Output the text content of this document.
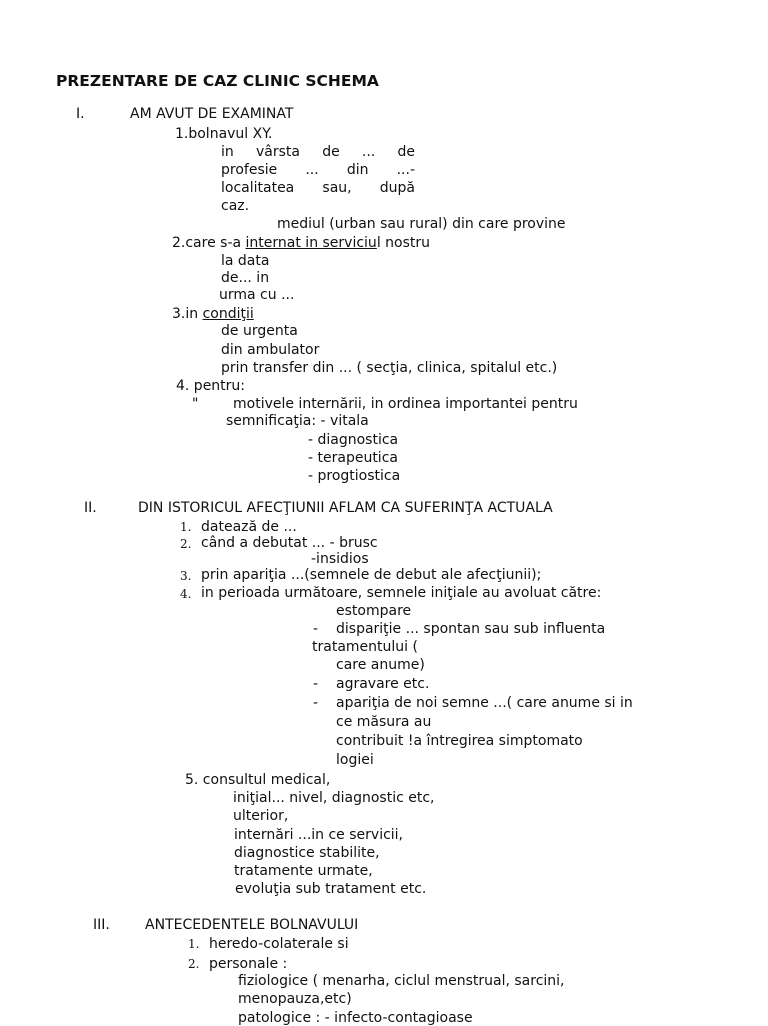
PREZENTARE DE CAZ CLINIC SCHEMA
I.	AM AVUT DE EXAMINAT
1.bolnavul XY.
in vârsta de ... de
profesie ... din ...-
localitatea sau, după
caz.
mediul (urban sau rural) din care provine
2.care s-a internat in serviciul nostru
la data
de... in
urma cu ...
3.in condiţii
de urgenta
din ambulator
prin transfer din ... ( secţia, clinica, spitalul etc.)
4. pentru:
" motivele internării, in ordinea importantei pentru
semnificaţia: - vitala
- diagnostica
- terapeutica
- progtiostica
II.	DIN ISTORICUL AFECŢIUNII AFLAM CA SUFERINŢA ACTUALA
1. datează de ...
2. când a debutat ... - brusc
-insidios
3. prin apariţia ...(semnele de debut ale afecţiunii);
4. in perioada următoare, semnele iniţiale au avoluat către:
estompare
- dispariţie ... spontan sau sub influenta
tratamentului (
care anume)
- agravare etc.
- apariţia de noi semne ...( care anume si in
ce măsura au
contribuit !a întregirea simptomato
logiei
5. consultul medical,
iniţial... nivel, diagnostic etc,
ulterior,
internări ...in ce servicii,
diagnostice stabilite,
tratamente urmate,
evoluţia sub tratament etc.
III.	ANTECEDENTELE BOLNAVULUI
1. heredo-colaterale si
2. personale :
fiziologice ( menarha, ciclul menstrual, sarcini,
menopauza,etc)
patologice : - infecto-contagioase
